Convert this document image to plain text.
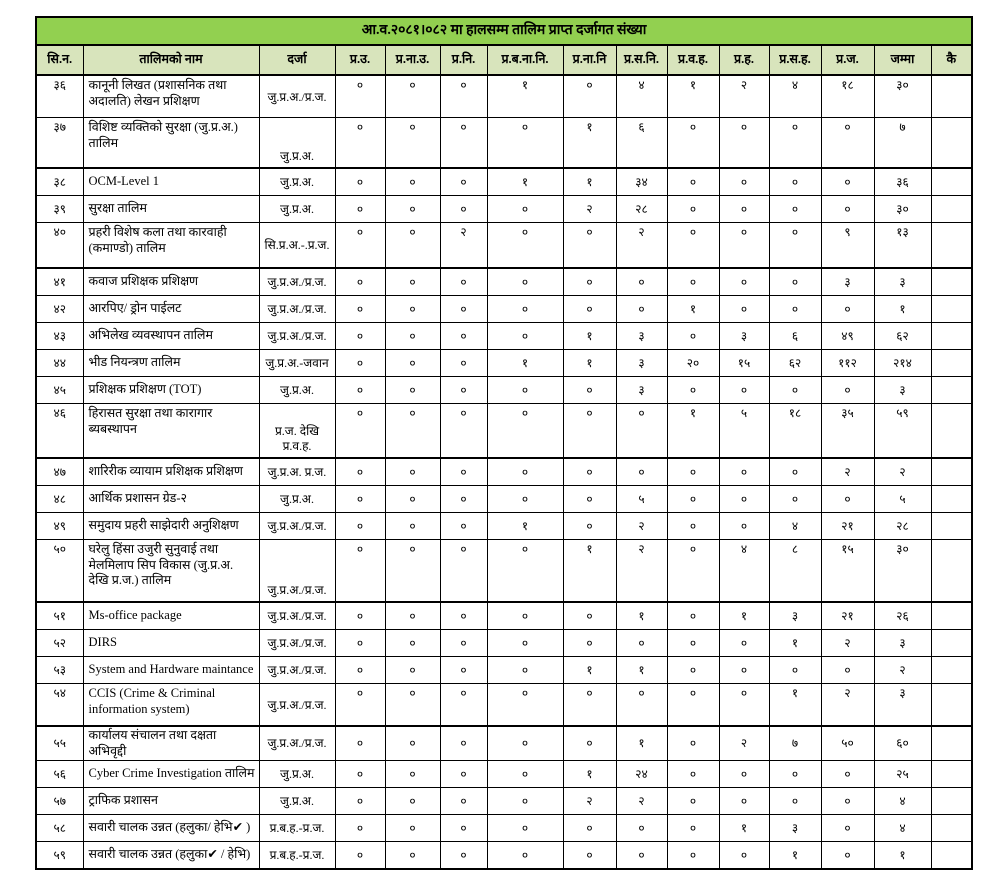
आ.व.२०८१।०८२ मा हालसम्म तालिम प्राप्त दर्जागत संख्या														
सि.न.	तालिमको नाम	दर्जा	प्र.उ.	प्र.ना.उ.	प्र.नि.	प्र.ब.ना.नि.	प्र.ना.नि	प्र.स.नि.	प्र.व.ह.	प्र.ह.	प्र.स.ह.	प्र.ज.	जम्मा	कै
३६	कानूनी लिखत (प्रशासनिक तथा अदालति) लेखन प्रशिक्षण	जु.प्र.अ./प्र.ज.	०	०	०	१	०	४	१	२	४	१८	३०	
३७	विशिष्ट व्यक्तिको सुरक्षा (जु.प्र.अ.) तालिम	जु.प्र.अ.	०	०	०	०	१	६	०	०	०	०	७	
३८	OCM-Level 1	जु.प्र.अ.	०	०	०	१	१	३४	०	०	०	०	३६	
३९	सुरक्षा तालिम	जु.प्र.अ.	०	०	०	०	२	२८	०	०	०	०	३०	
४०	प्रहरी विशेष कला तथा कारवाही (कमाण्डो) तालिम	सि.प्र.अ.-.प्र.ज.	०	०	२	०	०	२	०	०	०	९	१३	
४१	कवाज प्रशिक्षक प्रशिक्षण	जु.प्र.अ./प्र.ज.	०	०	०	०	०	०	०	०	०	३	३	
४२	आरपिए/ ड्रोन पाईलट	जु.प्र.अ./प्र.ज.	०	०	०	०	०	०	१	०	०	०	१	
४३	अभिलेख व्यवस्थापन तालिम	जु.प्र.अ./प्र.ज.	०	०	०	०	१	३	०	३	६	४९	६२	
४४	भीड नियन्त्रण तालिम	जु.प्र.अ.-जवान	०	०	०	१	१	३	२०	१५	६२	११२	२१४	
४५	प्रशिक्षक प्रशिक्षण (TOT)	जु.प्र.अ.	०	०	०	०	०	३	०	०	०	०	३	
४६	हिरासत सुरक्षा तथा कारागार ब्यबस्थापन	प्र.ज. देखि प्र.व.ह.	०	०	०	०	०	०	१	५	१८	३५	५९	
४७	शारिरीक व्यायाम प्रशिक्षक प्रशिक्षण	जु.प्र.अ. प्र.ज.	०	०	०	०	०	०	०	०	०	२	२	
४८	आर्थिक प्रशासन ग्रेड-२	जु.प्र.अ.	०	०	०	०	०	५	०	०	०	०	५	
४९	समुदाय प्रहरी साझेदारी अनुशिक्षण	जु.प्र.अ./प्र.ज.	०	०	०	१	०	२	०	०	४	२१	२८	
५०	घरेलु हिंसा उजुरी सुनुवाई तथा मेलमिलाप सिप विकास (जु.प्र.अ. देखि प्र.ज.) तालिम	जु.प्र.अ./प्र.ज.	०	०	०	०	१	२	०	४	८	१५	३०	
५१	Ms-office package	जु.प्र.अ./प्र.ज.	०	०	०	०	०	१	०	१	३	२१	२६	
५२	DIRS	जु.प्र.अ./प्र.ज.	०	०	०	०	०	०	०	०	१	२	३	
५३	System and Hardware maintance	जु.प्र.अ./प्र.ज.	०	०	०	०	१	१	०	०	०	०	२	
५४	CCIS (Crime & Criminal information system)	जु.प्र.अ./प्र.ज.	०	०	०	०	०	०	०	०	१	२	३	
५५	कार्यालय संचालन तथा दक्षता अभिवृद्दी	जु.प्र.अ./प्र.ज.	०	०	०	०	०	१	०	२	७	५०	६०	
५६	Cyber Crime Investigation तालिम	जु.प्र.अ.	०	०	०	०	१	२४	०	०	०	०	२५	
५७	ट्राफिक प्रशासन	जु.प्र.अ.	०	०	०	०	२	२	०	०	०	०	४	
५८	सवारी चालक उन्नत (हलुका/ हेभि✔ )	प्र.ब.ह.-प्र.ज.	०	०	०	०	०	०	०	१	३	०	४	
५९	सवारी चालक उन्नत (हलुका✔ / हेभि)	प्र.ब.ह.-प्र.ज.	०	०	०	०	०	०	०	०	१	०	१	
